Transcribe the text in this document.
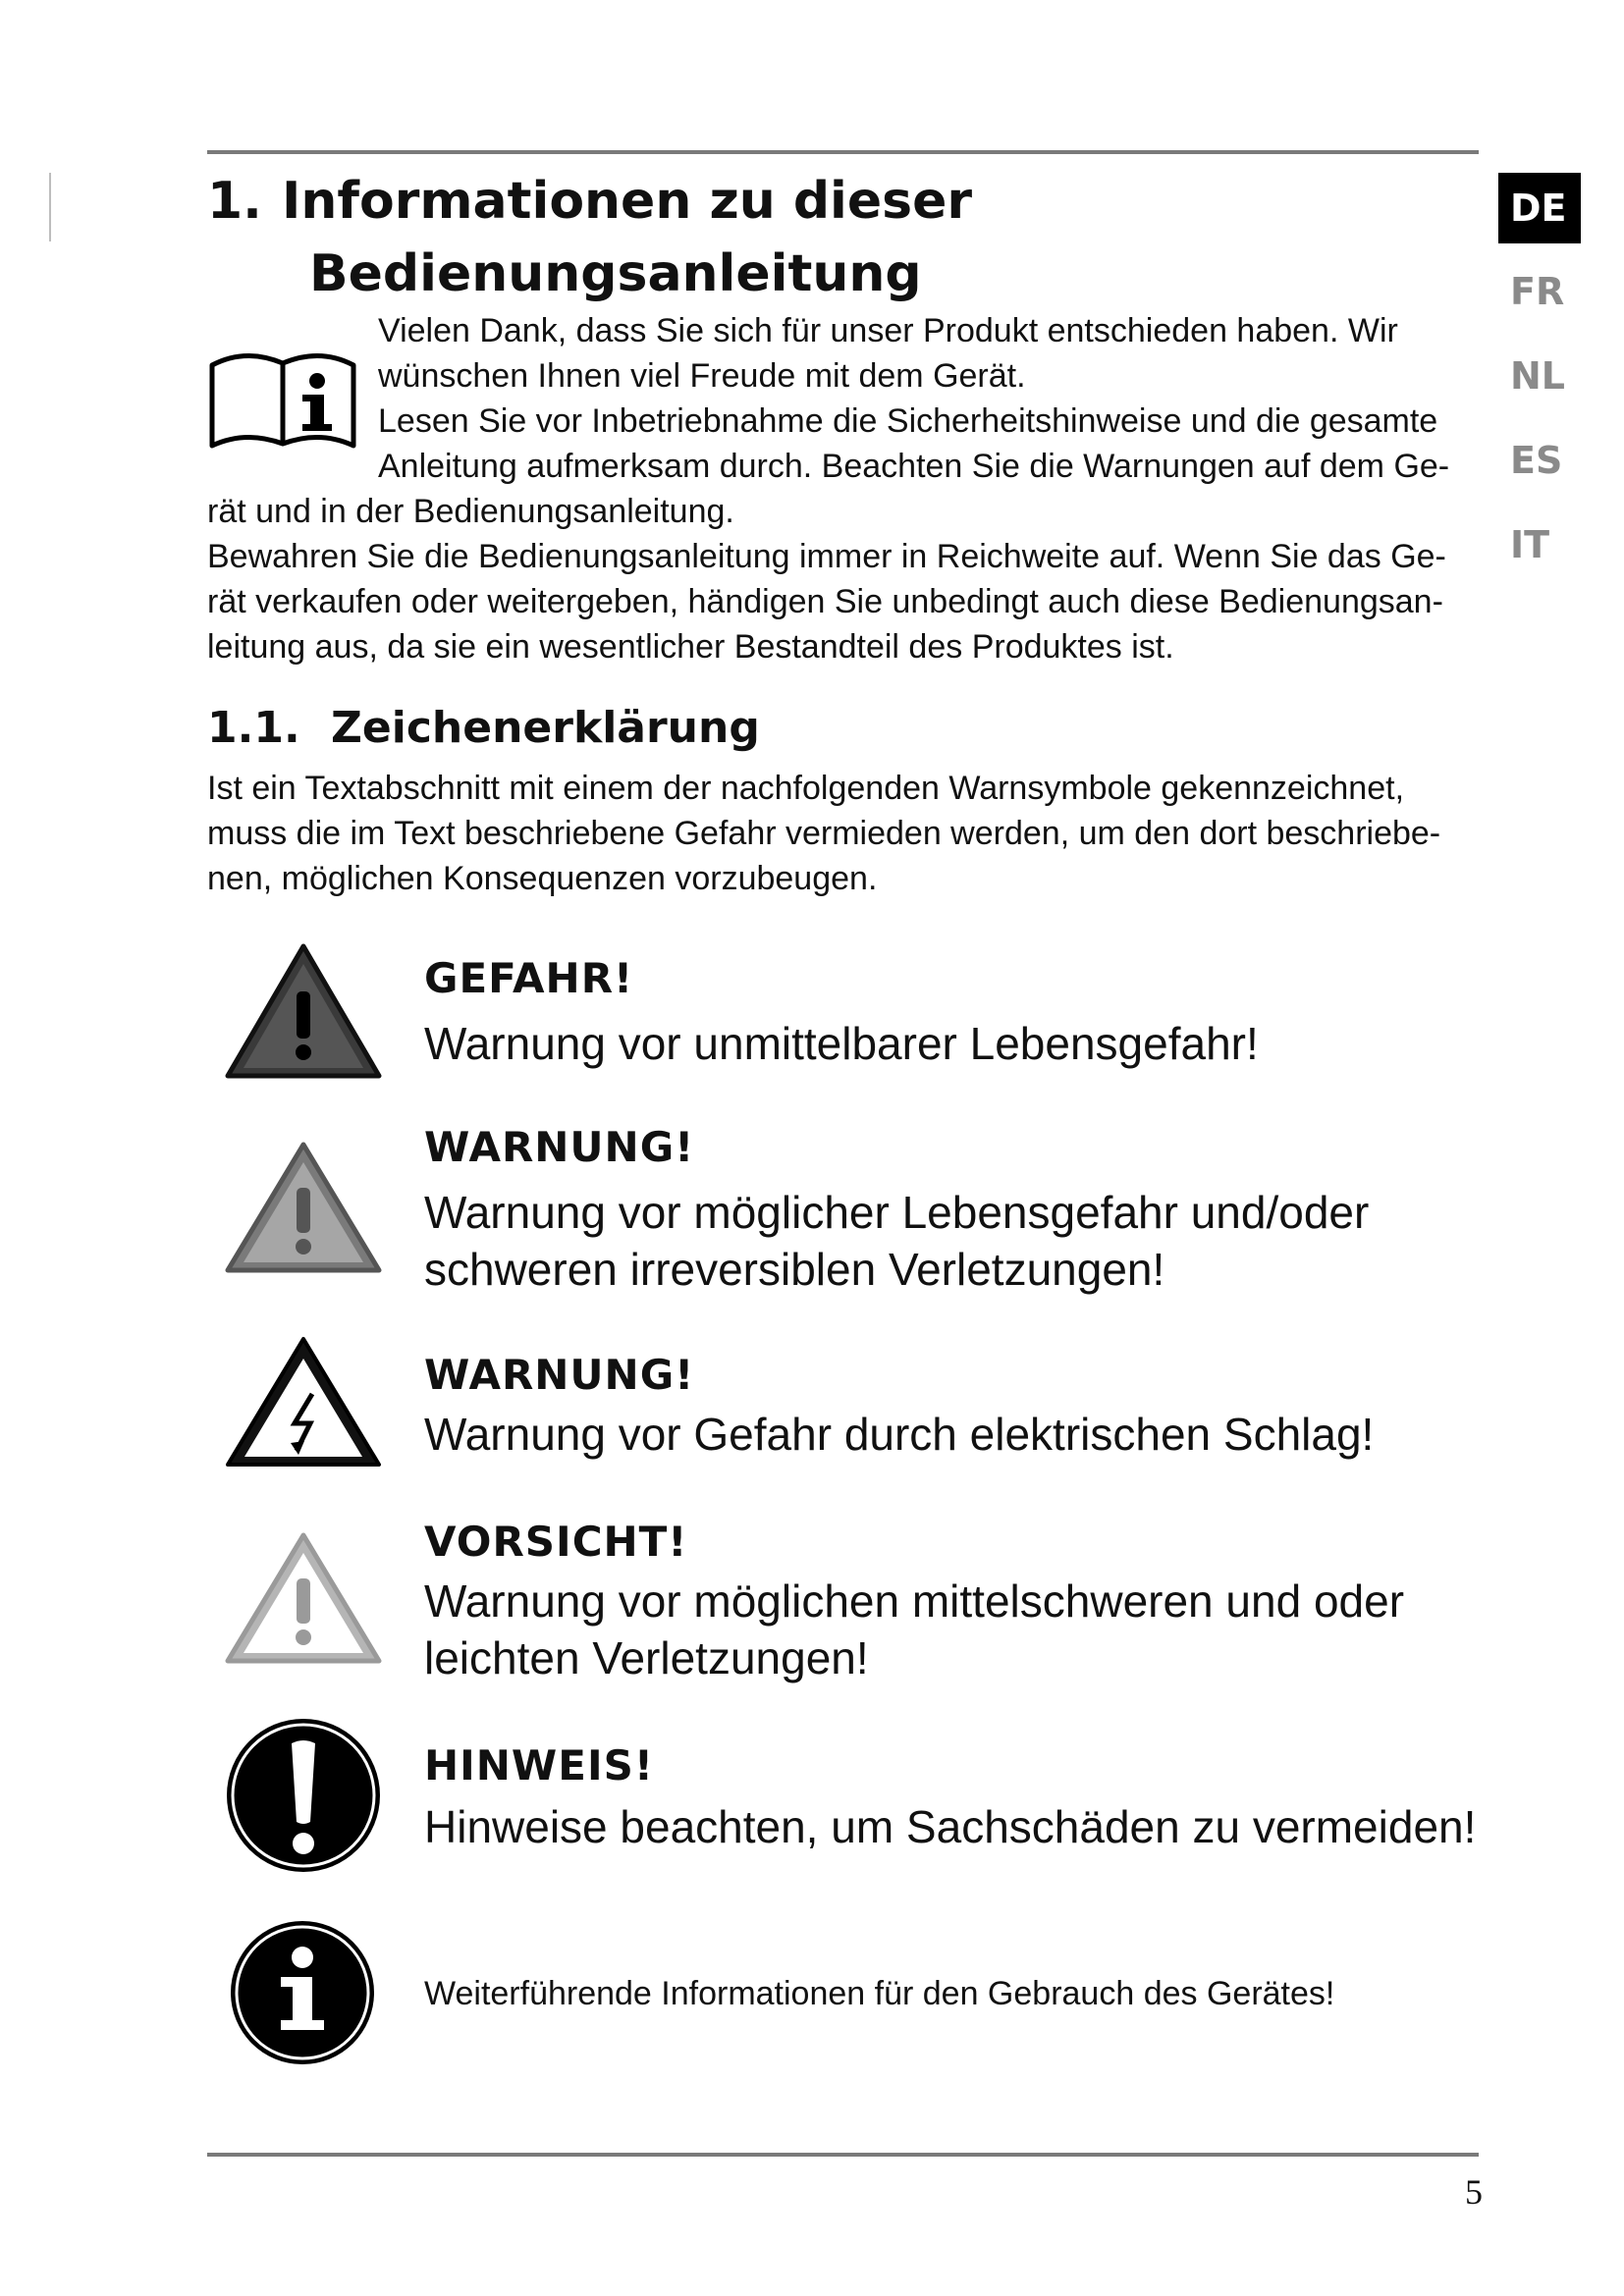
DE
FR
NL
ES
IT
1. Informationen zu dieser
Bedienungsanleitung

Vielen Dank, dass Sie sich für unser Produkt entschieden haben. Wir

wünschen Ihnen viel Freude mit dem Gerät.

Lesen Sie vor Inbetriebnahme die Sicherheitshinweise und die gesamte

Anleitung aufmerksam durch. Beachten Sie die Warnungen auf dem Ge-

rät und in der Bedienungsanleitung.

Bewahren Sie die Bedienungsanleitung immer in Reichweite auf. Wenn Sie das Ge-

rät verkaufen oder weitergeben, händigen Sie unbedingt auch diese Bedienungsan-

leitung aus, da sie ein wesentlicher Bestandteil des Produktes ist.

1.1. Zeichenerklärung
Ist ein Textabschnitt mit einem der nachfolgenden Warnsymbole gekennzeichnet,
muss die im Text beschriebene Gefahr vermieden werden, um den dort beschriebe-
nen, möglichen Konsequenzen vorzubeugen.
GEFAHR!
Warnung vor unmittelbarer Lebensgefahr!
WARNUNG!
Warnung vor möglicher Lebensgefahr und/oder
schweren irreversiblen Verletzungen!
WARNUNG!
Warnung vor Gefahr durch elektrischen Schlag!
VORSICHT!
Warnung vor möglichen mittelschweren und oder
leichten Verletzungen!
HINWEIS!
Hinweise beachten, um Sachschäden zu vermeiden!
Weiterführende Informationen für den Gebrauch des Gerätes!
5
